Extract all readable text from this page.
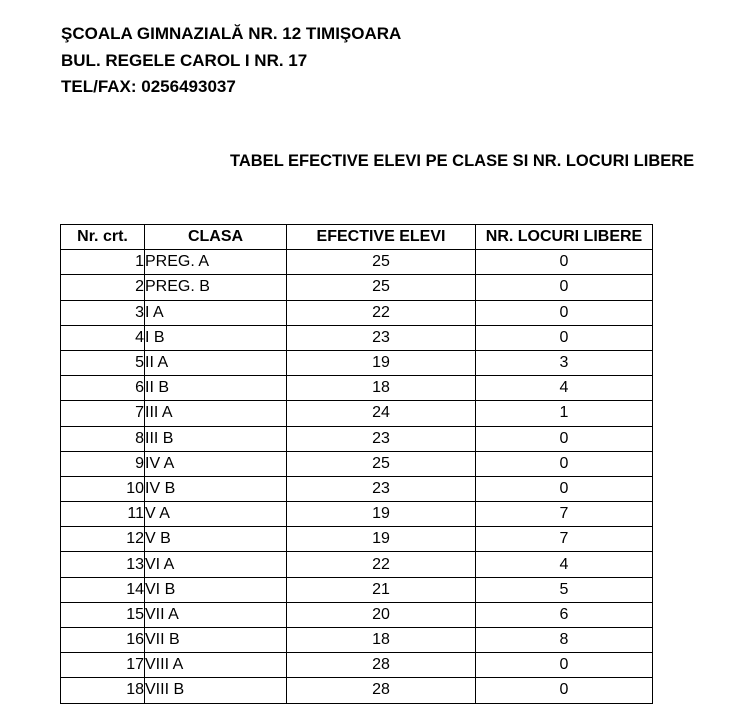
ŞCOALA GIMNAZIALĂ NR. 12 TIMIŞOARA
BUL. REGELE CAROL I NR. 17
TEL/FAX: 0256493037
TABEL EFECTIVE ELEVI PE CLASE SI NR. LOCURI LIBERE
Nr. crt.	CLASA	EFECTIVE ELEVI	NR. LOCURI LIBERE
1	PREG. A	25	0
2	PREG. B	25	0
3	I A	22	0
4	I B	23	0
5	II A	19	3
6	II B	18	4
7	III A	24	1
8	III B	23	0
9	IV A	25	0
10	IV B	23	0
11	V A	19	7
12	V B	19	7
13	VI A	22	4
14	VI B	21	5
15	VII A	20	6
16	VII B	18	8
17	VIII A	28	0
18	VIII B	28	0
